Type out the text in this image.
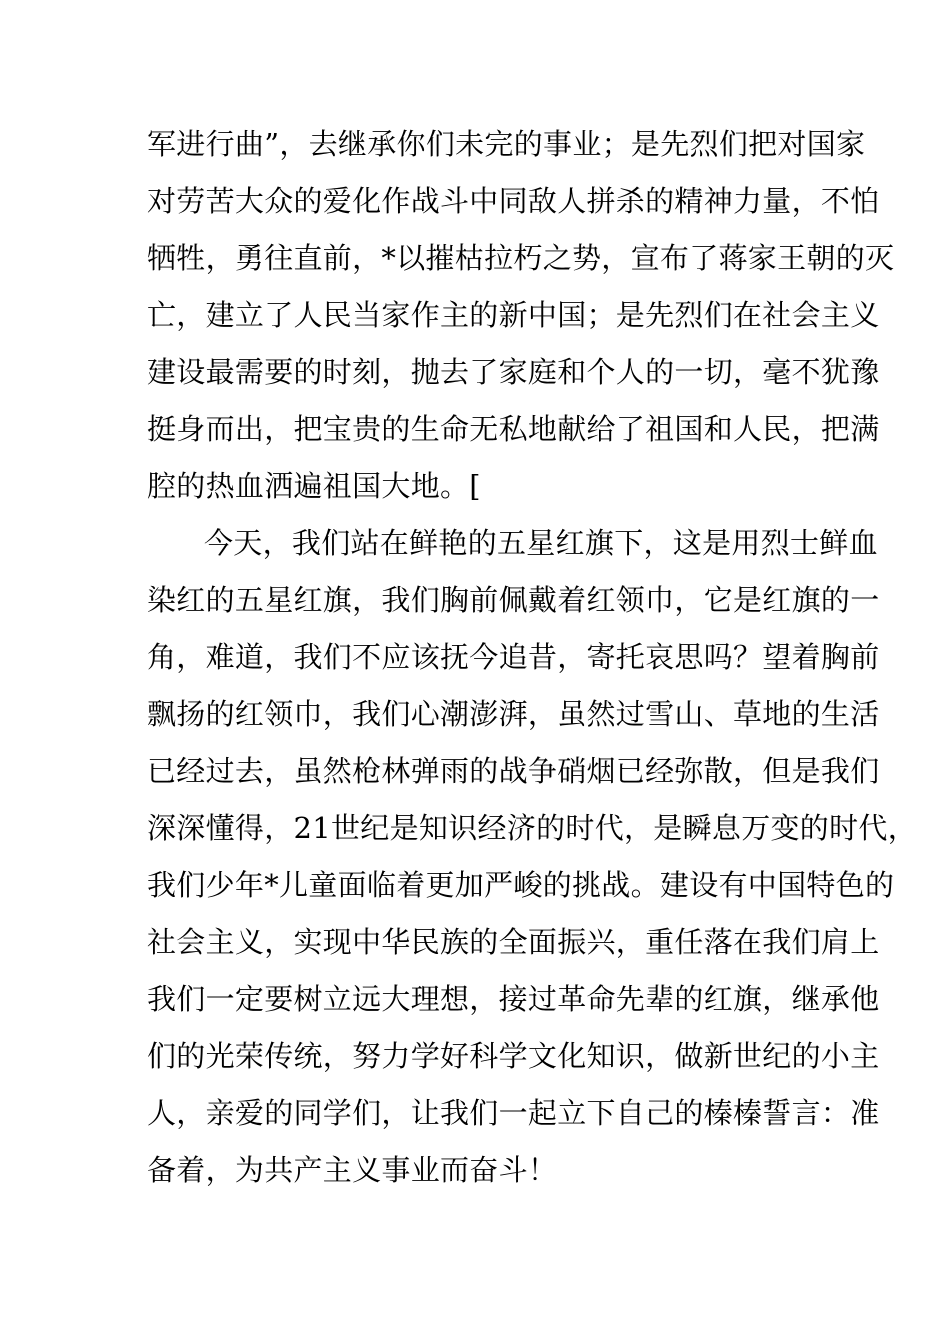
军进行曲”，去继承你们未完的事业；是先烈们把对国家

对劳苦大众的爱化作战斗中同敌人拼杀的精神力量，不怕

牺牲，勇往直前，*以摧枯拉朽之势，宣布了蒋家王朝的灭

亡，建立了人民当家作主的新中国；是先烈们在社会主义

建设最需要的时刻，抛去了家庭和个人的一切，毫不犹豫

挺身而出，把宝贵的生命无私地献给了祖国和人民，把满

腔的热血洒遍祖国大地。[

今天，我们站在鲜艳的五星红旗下，这是用烈士鲜血

染红的五星红旗，我们胸前佩戴着红领巾，它是红旗的一

角，难道，我们不应该抚今追昔，寄托哀思吗？望着胸前

飘扬的红领巾，我们心潮澎湃，虽然过雪山、草地的生活

已经过去，虽然枪林弹雨的战争硝烟已经弥散，但是我们

深深懂得，21世纪是知识经济的时代，是瞬息万变的时代，

我们少年*儿童面临着更加严峻的挑战。建设有中国特色的

社会主义，实现中华民族的全面振兴，重任落在我们肩上

我们一定要树立远大理想，接过革命先辈的红旗，继承他

们的光荣传统，努力学好科学文化知识，做新世纪的小主

人，亲爱的同学们，让我们一起立下自己的榛榛誓言：准

备着，为共产主义事业而奋斗！
